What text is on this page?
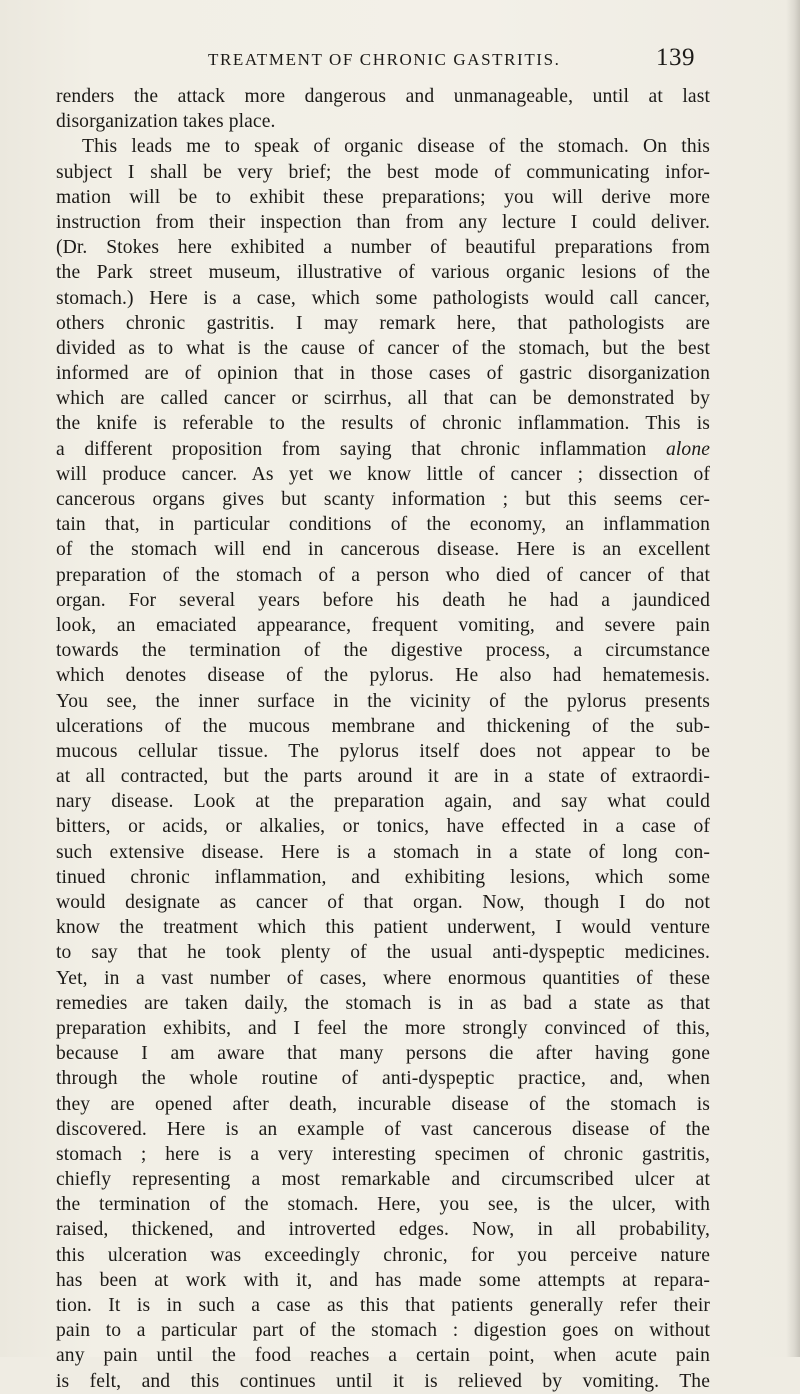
TREATMENT OF CHRONIC GASTRITIS.	139
renders the attack more dangerous and unmanageable, until at last
disorganization takes place.
This leads me to speak of organic disease of the stomach. On this
subject I shall be very brief; the best mode of communicating infor-
mation will be to exhibit these preparations; you will derive more
instruction from their inspection than from any lecture I could deliver.
(Dr. Stokes here exhibited a number of beautiful preparations from
the Park street museum, illustrative of various organic lesions of the
stomach.) Here is a case, which some pathologists would call cancer,
others chronic gastritis. I may remark here, that pathologists are
divided as to what is the cause of cancer of the stomach, but the best
informed are of opinion that in those cases of gastric disorganization
which are called cancer or scirrhus, all that can be demonstrated by
the knife is referable to the results of chronic inflammation. This is
a different proposition from saying that chronic inflammation alone
will produce cancer. As yet we know little of cancer ; dissection of
cancerous organs gives but scanty information ; but this seems cer-
tain that, in particular conditions of the economy, an inflammation
of the stomach will end in cancerous disease. Here is an excellent
preparation of the stomach of a person who died of cancer of that
organ. For several years before his death he had a jaundiced
look, an emaciated appearance, frequent vomiting, and severe pain
towards the termination of the digestive process, a circumstance
which denotes disease of the pylorus. He also had hematemesis.
You see, the inner surface in the vicinity of the pylorus presents
ulcerations of the mucous membrane and thickening of the sub-
mucous cellular tissue. The pylorus itself does not appear to be
at all contracted, but the parts around it are in a state of extraordi-
nary disease. Look at the preparation again, and say what could
bitters, or acids, or alkalies, or tonics, have effected in a case of
such extensive disease. Here is a stomach in a state of long con-
tinued chronic inflammation, and exhibiting lesions, which some
would designate as cancer of that organ. Now, though I do not
know the treatment which this patient underwent, I would venture
to say that he took plenty of the usual anti-dyspeptic medicines.
Yet, in a vast number of cases, where enormous quantities of these
remedies are taken daily, the stomach is in as bad a state as that
preparation exhibits, and I feel the more strongly convinced of this,
because I am aware that many persons die after having gone
through the whole routine of anti-dyspeptic practice, and, when
they are opened after death, incurable disease of the stomach is
discovered. Here is an example of vast cancerous disease of the
stomach ; here is a very interesting specimen of chronic gastritis,
chiefly representing a most remarkable and circumscribed ulcer at
the termination of the stomach. Here, you see, is the ulcer, with
raised, thickened, and introverted edges. Now, in all probability,
this ulceration was exceedingly chronic, for you perceive nature
has been at work with it, and has made some attempts at repara-
tion. It is in such a case as this that patients generally refer their
pain to a particular part of the stomach : digestion goes on without
any pain until the food reaches a certain point, when acute pain
is felt, and this continues until it is relieved by vomiting. The
